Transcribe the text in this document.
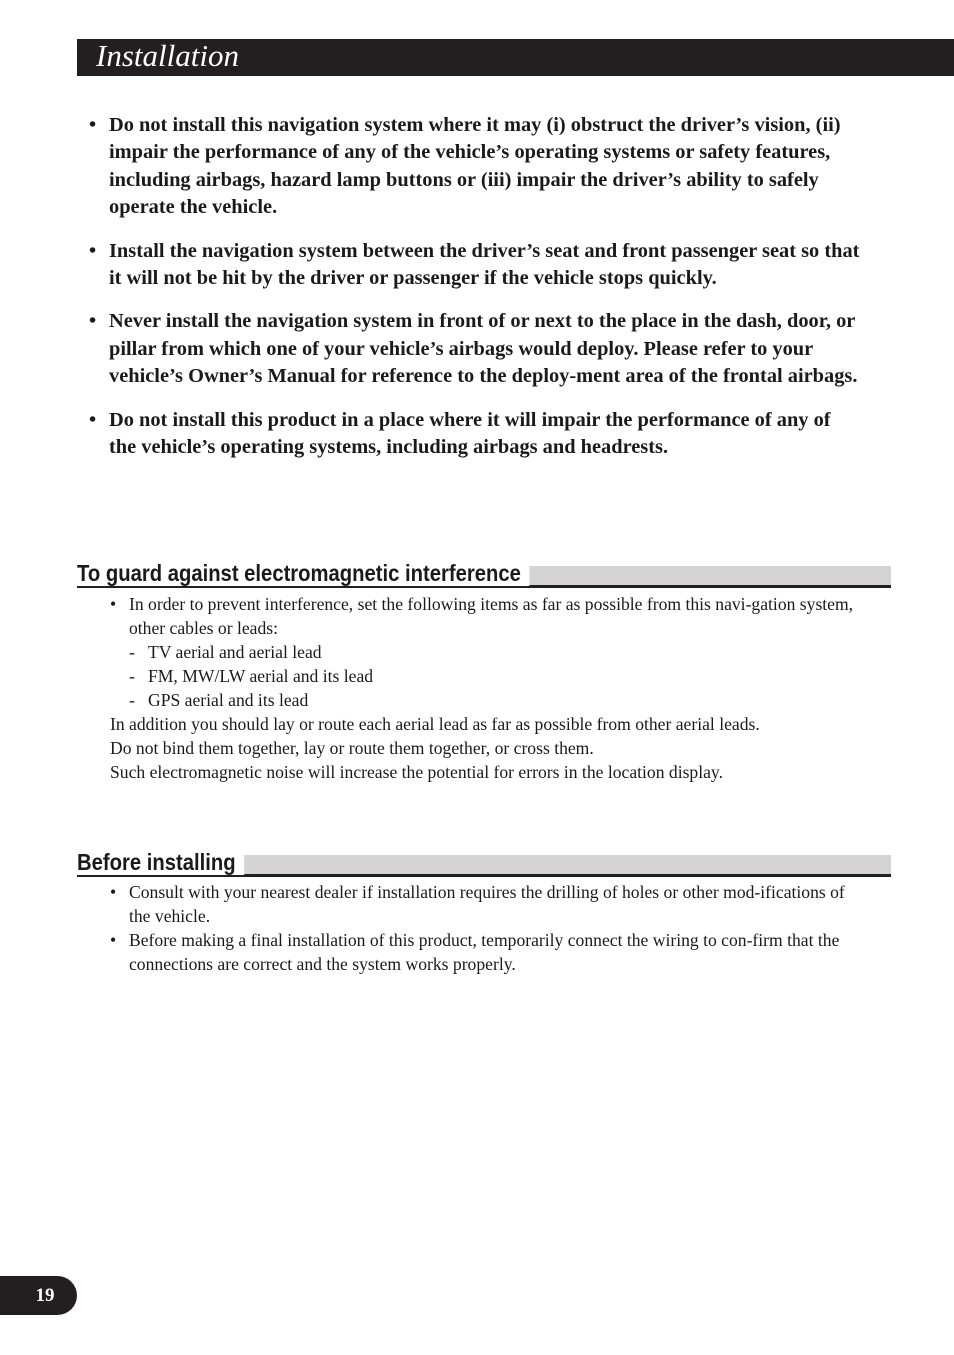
Installation
• Do not install this navigation system where it may (i) obstruct the driver’s vision, (ii) impair the performance of any of the vehicle’s operating systems or safety features, including airbags, hazard lamp buttons or (iii) impair the driver’s ability to safely operate the vehicle.
• Install the navigation system between the driver’s seat and front passenger seat so that it will not be hit by the driver or passenger if the vehicle stops quickly.
• Never install the navigation system in front of or next to the place in the dash, door, or pillar from which one of your vehicle’s airbags would deploy. Please refer to your vehicle’s Owner’s Manual for reference to the deploy-ment area of the frontal airbags.
• Do not install this product in a place where it will impair the performance of any of the vehicle’s operating systems, including airbags and headrests.
To guard against electromagnetic interference
• In order to prevent interference, set the following items as far as possible from this navi-gation system, other cables or leads:
- TV aerial and aerial lead
- FM, MW/LW aerial and its lead
- GPS aerial and its lead
In addition you should lay or route each aerial lead as far as possible from other aerial leads.
Do not bind them together, lay or route them together, or cross them.
Such electromagnetic noise will increase the potential for errors in the location display.
Before installing
• Consult with your nearest dealer if installation requires the drilling of holes or other mod-ifications of the vehicle.
• Before making a final installation of this product, temporarily connect the wiring to con-firm that the connections are correct and the system works properly.
19
